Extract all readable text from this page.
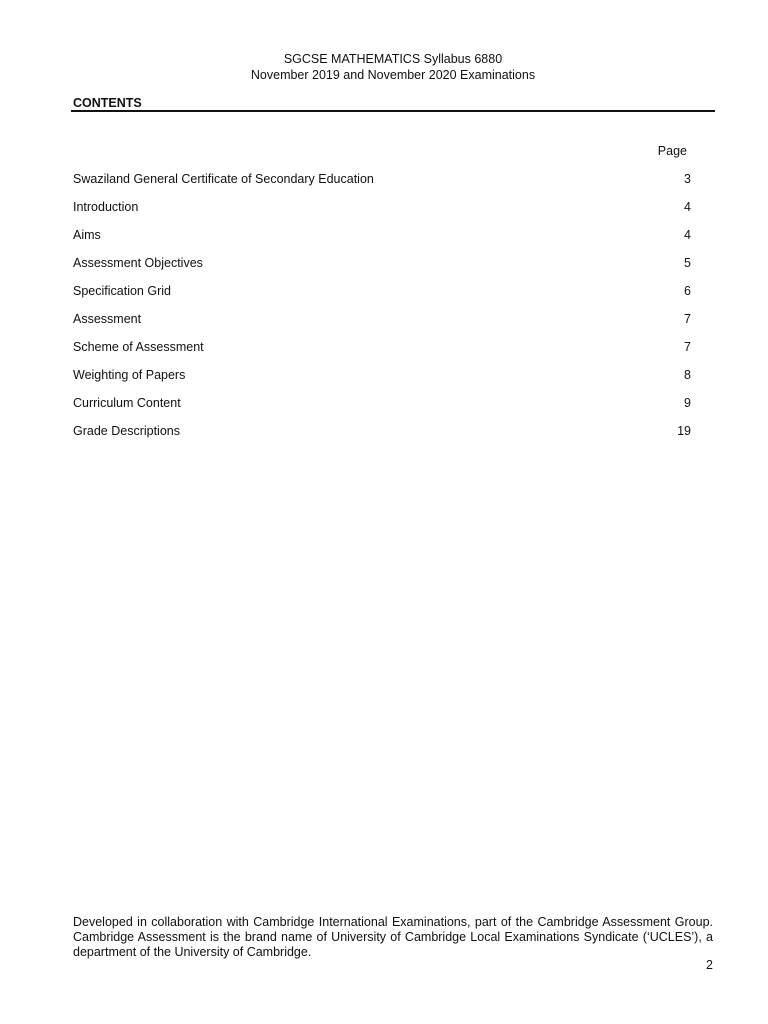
SGCSE MATHEMATICS Syllabus 6880
November 2019 and November 2020 Examinations
CONTENTS
Page
Swaziland General Certificate of Secondary Education	3
Introduction	4
Aims	4
Assessment Objectives	5
Specification Grid	6
Assessment	7
Scheme of Assessment	7
Weighting of Papers	8
Curriculum Content	9
Grade Descriptions	19
Developed in collaboration with Cambridge International Examinations, part of the Cambridge Assessment Group. Cambridge Assessment is the brand name of University of Cambridge Local Examinations Syndicate (‘UCLES’), a department of the University of Cambridge.
2
